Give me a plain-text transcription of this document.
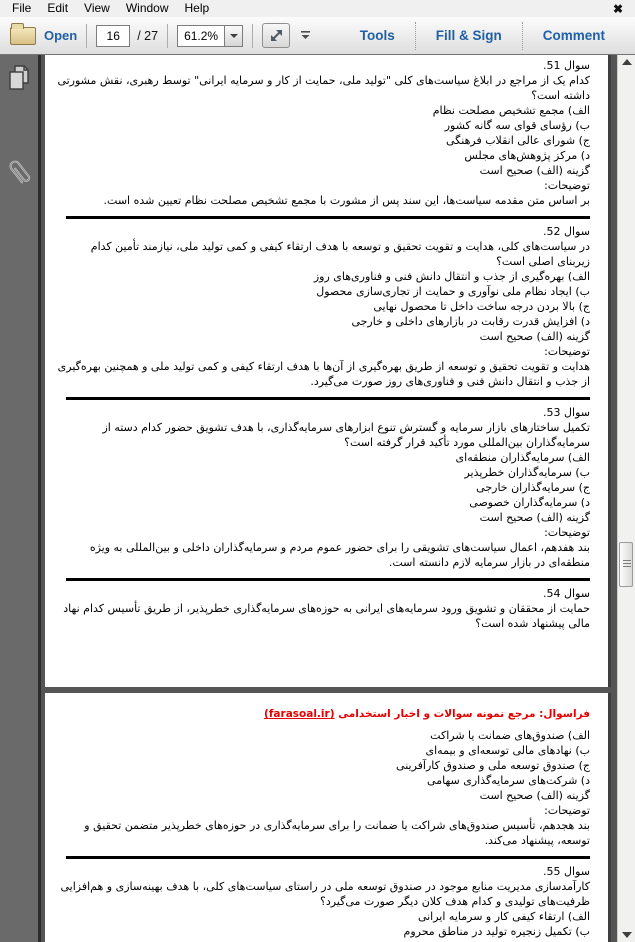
File	Edit	View	Window	Help	✖
Open
16	/ 27	61.2%	Tools	Fill & Sign	Comment
سوال 51.
کدام یک از مراجع در ابلاغ سیاست‌های کلی "تولید ملی، حمایت از کار و سرمایه ایرانی" توسط رهبری، نقش مشورتی
داشته است؟
الف) مجمع تشخیص مصلحت نظام
ب) رؤسای قوای سه گانه کشور
ج) شورای عالی انقلاب فرهنگی
د) مرکز پژوهش‌های مجلس
گزینه (الف) صحیح است
توضیحات:
بر اساس متن مقدمه سیاست‌ها، این سند پس از مشورت با مجمع تشخیص مصلحت نظام تعیین شده است.
سوال 52.
در سیاست‌های کلی، هدایت و تقویت تحقیق و توسعه با هدف ارتقاء کیفی و کمی تولید ملی، نیازمند تأمین کدام
زیربنای اصلی است؟
الف) بهره‌گیری از جذب و انتقال دانش فنی و فناوری‌های روز
ب) ایجاد نظام ملی نوآوری و حمایت از تجاری‌سازی محصول
ج) بالا بردن درجه ساخت داخل تا محصول نهایی
د) افزایش قدرت رقابت در بازارهای داخلی و خارجی
گزینه (الف) صحیح است
توضیحات:
هدایت و تقویت تحقیق و توسعه از طریق بهره‌گیری از آن‌ها با هدف ارتقاء کیفی و کمی تولید ملی و همچنین بهره‌گیری
از جذب و انتقال دانش فنی و فناوری‌های روز صورت می‌گیرد.
سوال 53.
تکمیل ساختارهای بازار سرمایه و گسترش تنوع ابزارهای سرمایه‌گذاری، با هدف تشویق حضور کدام دسته از
سرمایه‌گذاران بین‌المللی مورد تأکید قرار گرفته است؟
الف) سرمایه‌گذاران منطقه‌ای
ب) سرمایه‌گذاران خطرپذیر
ج) سرمایه‌گذاران خارجی
د) سرمایه‌گذاران خصوصی
گزینه (الف) صحیح است
توضیحات:
بند هفدهم، اعمال سیاست‌های تشویقی را برای حضور عموم مردم و سرمایه‌گذاران داخلی و بین‌المللی به ویژه
منطقه‌ای در بازار سرمایه لازم دانسته است.
سوال 54.
حمایت از محققان و تشویق ورود سرمایه‌های ایرانی به حوزه‌های سرمایه‌گذاری خطرپذیر، از طریق تأسیس کدام نهاد
مالی پیشنهاد شده است؟
فراسوال: مرجع نمونه سوالات و اخبار استخدامی (farasoal.ir)
الف) صندوق‌های ضمانت یا شراکت
ب) نهادهای مالی توسعه‌ای و بیمه‌ای
ج) صندوق توسعه ملی و صندوق کارآفرینی
د) شرکت‌های سرمایه‌گذاری سهامی
گزینه (الف) صحیح است
توضیحات:
بند هجدهم، تأسیس صندوق‌های شراکت یا ضمانت را برای سرمایه‌گذاری در حوزه‌های خطرپذیر متضمن تحقیق و
توسعه، پیشنهاد می‌کند.
سوال 55.
کارآمدسازی مدیریت منابع موجود در صندوق توسعه ملی در راستای سیاست‌های کلی، با هدف بهینه‌سازی و هم‌افزایی
ظرفیت‌های تولیدی و کدام هدف کلان دیگر صورت می‌گیرد؟
الف) ارتقاء کیفی کار و سرمایه ایرانی
ب) تکمیل زنجیره تولید در مناطق محروم
